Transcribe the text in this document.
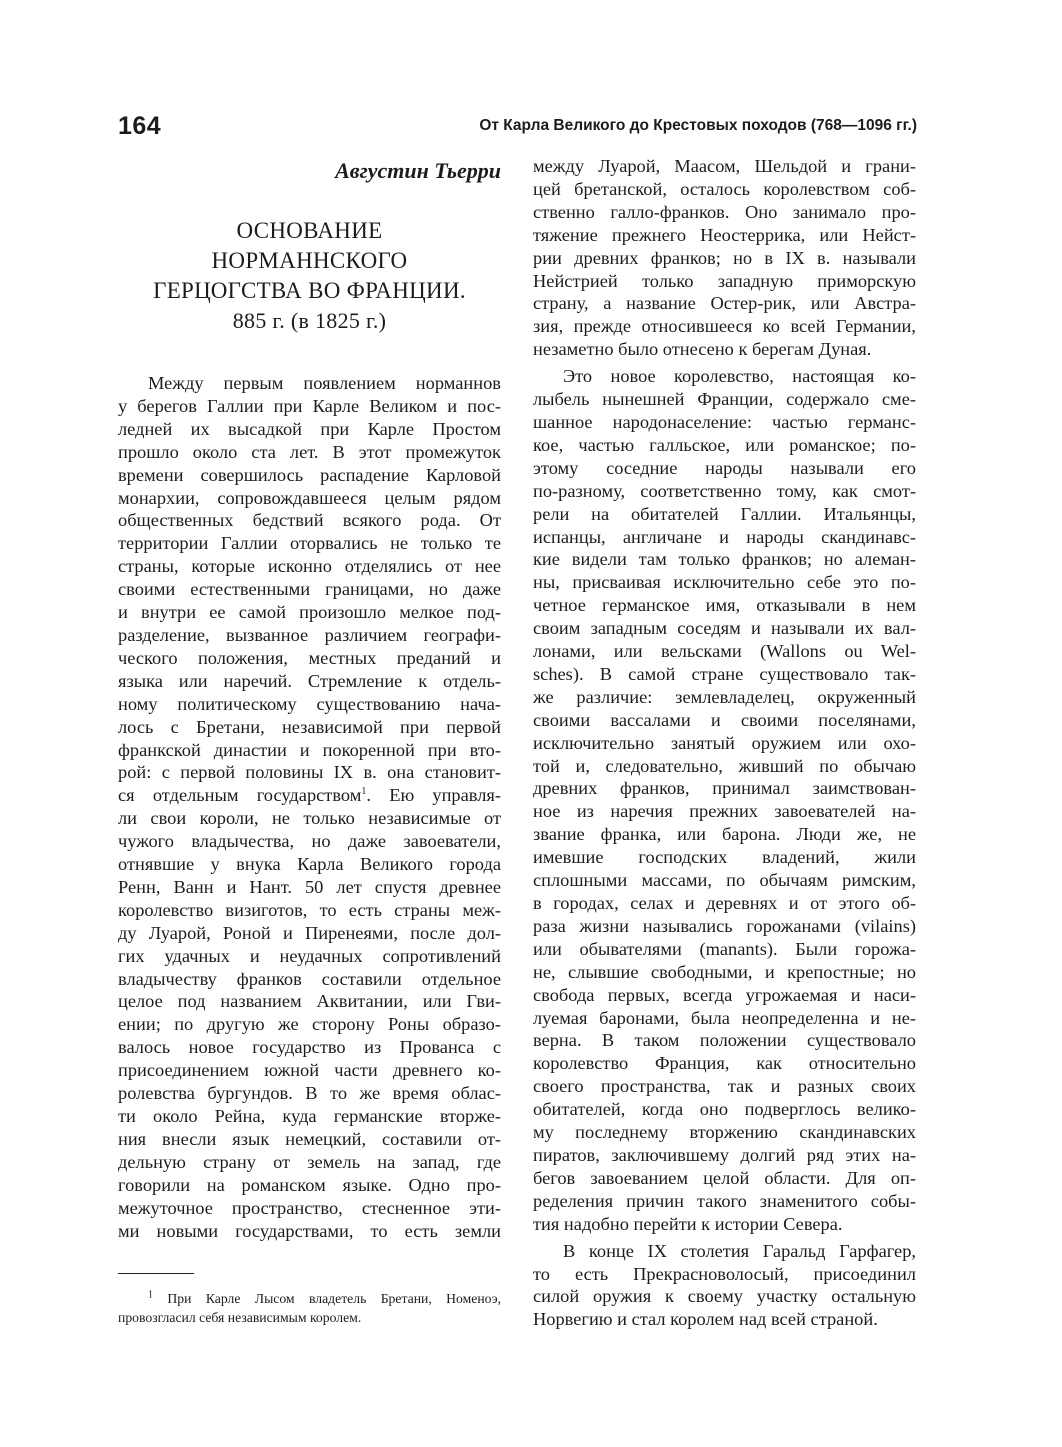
164	От Карла Великого до Крестовых походов (768—1096 гг.)
Августин Тьерри
ОСНОВАНИЕ
НОРМАННСКОГО
ГЕРЦОГСТВА ВО ФРАНЦИИ.
885 г. (в 1825 г.)
Между первым появлением норманнов
у берегов Галлии при Карле Великом и пос-
ледней их высадкой при Карле Простом
прошло около ста лет. В этот промежуток
времени совершилось распадение Карловой
монархии, сопровождавшееся целым рядом
общественных бедствий всякого рода. От
территории Галлии оторвались не только те
страны, которые исконно отделялись от нее
своими естественными границами, но даже
и внутри ее самой произошло мелкое под-
разделение, вызванное различием географи-
ческого положения, местных преданий и
языка или наречий. Стремление к отдель-
ному политическому существованию нача-
лось с Бретани, независимой при первой
франкской династии и покоренной при вто-
рой: с первой половины IX в. она становит-
ся отдельным государством$^1$. Ею управля-
ли свои короли, не только независимые от
чужого владычества, но даже завоеватели,
отнявшие у внука Карла Великого города
Ренн, Ванн и Нант. 50 лет спустя древнее
королевство визиготов, то есть страны меж-
ду Луарой, Роной и Пиренеями, после дол-
гих удачных и неудачных сопротивлений
владычеству франков составили отдельное
целое под названием Аквитании, или Гви-
ении; по другую же сторону Роны образо-
валось новое государство из Прованса с
присоединением южной части древнего ко-
ролевства бургундов. В то же время облас-
ти около Рейна, куда германские вторже-
ния внесли язык немецкий, составили от-
дельную страну от земель на запад, где
говорили на романском языке. Одно про-
межуточное пространство, стесненное эти-
ми новыми государствами, то есть земли
между Луарой, Маасом, Шельдой и грани-
цей бретанской, осталось королевством соб-
ственно галло-франков. Оно занимало про-
тяжение прежнего Неостеррика, или Нейст-
рии древних франков; но в IX в. называли
Нейстрией только западную приморскую
страну, а название Остер-рик, или Австра-
зия, прежде относившееся ко всей Германии,
незаметно было отнесено к берегам Дуная.
Это новое королевство, настоящая ко-
лыбель нынешней Франции, содержало сме-
шанное народонаселение: частью германс-
кое, частью галльское, или романское; по-
этому соседние народы называли его
по-разному, соответственно тому, как смот-
рели на обитателей Галлии. Итальянцы,
испанцы, англичане и народы скандинавс-
кие видели там только франков; но алеман-
ны, присваивая исключительно себе это по-
четное германское имя, отказывали в нем
своим западным соседям и называли их вал-
лонами, или вельсками (Wallons ou Wel-
sches). В самой стране существовало так-
же различие: землевладелец, окруженный
своими вассалами и своими поселянами,
исключительно занятый оружием или охо-
той и, следовательно, живший по обычаю
древних франков, принимал заимствован-
ное из наречия прежних завоевателей на-
звание франка, или барона. Люди же, не
имевшие господских владений, жили
сплошными массами, по обычаям римским,
в городах, селах и деревнях и от этого об-
раза жизни назывались горожанами (vilains)
или обывателями (manants). Были горожа-
не, слывшие свободными, и крепостные; но
свобода первых, всегда угрожаемая и наси-
луемая баронами, была неопределенна и не-
верна. В таком положении существовало
королевство Франция, как относительно
своего пространства, так и разных своих
обитателей, когда оно подверглось велико-
му последнему вторжению скандинавских
пиратов, заключившему долгий ряд этих на-
бегов завоеванием целой области. Для оп-
ределения причин такого знаменитого собы-
тия надобно перейти к истории Севера.
В конце IX столетия Гаральд Гарфагер,
то есть Прекрасноволосый, присоединил
силой оружия к своему участку остальную
Норвегию и стал королем над всей страной.
$^1$ При Карле Лысом владетель Бретани, Номеноэ,
провозгласил себя независимым королем.
